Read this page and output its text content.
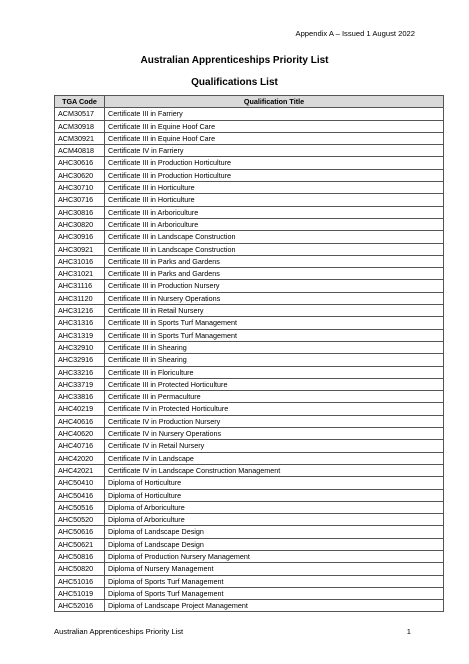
Appendix A – Issued 1 August 2022
Australian Apprenticeships Priority List
Qualifications List
TGA Code	Qualification Title
ACM30517	Certificate III in Farriery
ACM30918	Certificate III in Equine Hoof Care
ACM30921	Certificate III in Equine Hoof Care
ACM40818	Certificate IV in Farriery
AHC30616	Certificate III in Production Horticulture
AHC30620	Certificate III in Production Horticulture
AHC30710	Certificate III in Horticulture
AHC30716	Certificate III in Horticulture
AHC30816	Certificate III in Arboriculture
AHC30820	Certificate III in Arboriculture
AHC30916	Certificate III in Landscape Construction
AHC30921	Certificate III in Landscape Construction
AHC31016	Certificate III in Parks and Gardens
AHC31021	Certificate III in Parks and Gardens
AHC31116	Certificate III in Production Nursery
AHC31120	Certificate III in Nursery Operations
AHC31216	Certificate III in Retail Nursery
AHC31316	Certificate III in Sports Turf Management
AHC31319	Certificate III in Sports Turf Management
AHC32910	Certificate III in Shearing
AHC32916	Certificate III in Shearing
AHC33216	Certificate III in Floriculture
AHC33719	Certificate III in Protected Horticulture
AHC33816	Certificate III in Permaculture
AHC40219	Certificate IV in Protected Horticulture
AHC40616	Certificate IV in Production Nursery
AHC40620	Certificate IV in Nursery Operations
AHC40716	Certificate IV in Retail Nursery
AHC42020	Certificate IV in Landscape
AHC42021	Certificate IV in Landscape Construction Management
AHC50410	Diploma of Horticulture
AHC50416	Diploma of Horticulture
AHC50516	Diploma of Arboriculture
AHC50520	Diploma of Arboriculture
AHC50616	Diploma of Landscape Design
AHC50621	Diploma of Landscape Design
AHC50816	Diploma of Production Nursery Management
AHC50820	Diploma of Nursery Management
AHC51016	Diploma of Sports Turf Management
AHC51019	Diploma of Sports Turf Management
AHC52016	Diploma of Landscape Project Management
Australian Apprenticeships Priority List	1
